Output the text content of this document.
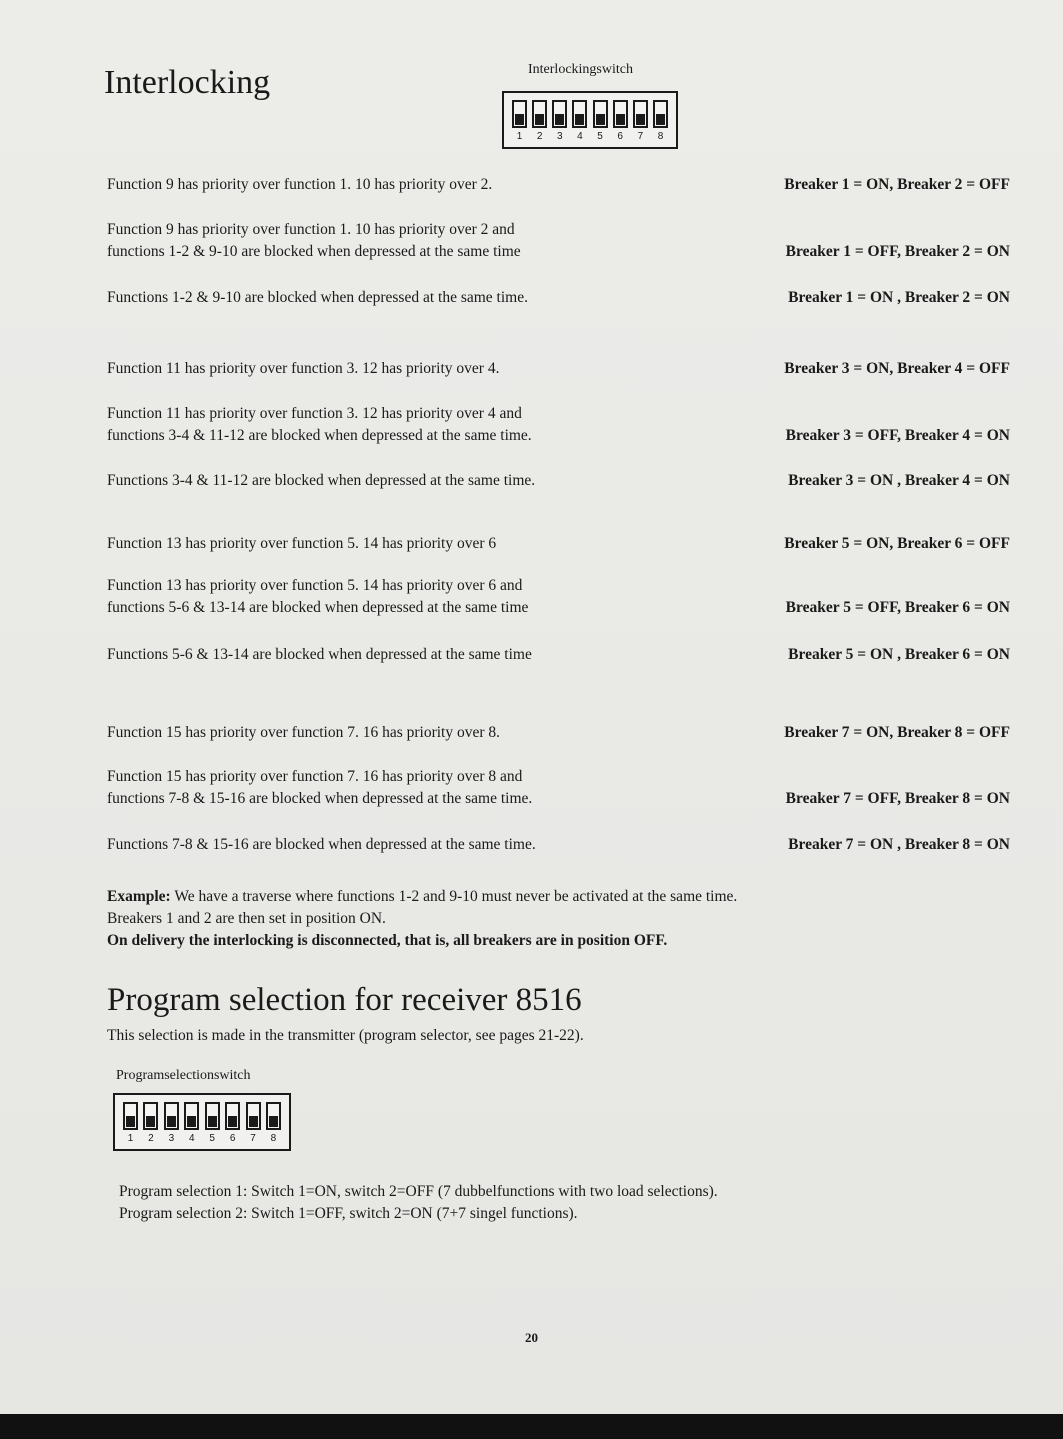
Interlocking	Interlockingswitch
1	2	3	4	5	6	7	8
Function 9 has priority over function 1. 10 has priority over 2.	Breaker 1 = ON, Breaker 2 = OFF
Function 9 has priority over function 1. 10 has priority over 2 and
functions 1-2 & 9-10 are blocked when depressed at the same time	Breaker 1 = OFF, Breaker 2 = ON
Functions 1-2 & 9-10 are blocked when depressed at the same time.	Breaker 1 = ON , Breaker 2 = ON
Function 11 has priority over function 3. 12 has priority over 4.	Breaker 3 = ON, Breaker 4 = OFF
Function 11 has priority over function 3. 12 has priority over 4 and
functions 3-4 & 11-12 are blocked when depressed at the same time.	Breaker 3 = OFF, Breaker 4 = ON
Functions 3-4 & 11-12 are blocked when depressed at the same time.	Breaker 3 = ON , Breaker 4 = ON
Function 13 has priority over function 5. 14 has priority over 6	Breaker 5 = ON, Breaker 6 = OFF
Function 13 has priority over function 5. 14 has priority over 6 and
functions 5-6 & 13-14 are blocked when depressed at the same time	Breaker 5 = OFF, Breaker 6 = ON
Functions 5-6 & 13-14 are blocked when depressed at the same time	Breaker 5 = ON , Breaker 6 = ON
Function 15 has priority over function 7. 16 has priority over 8.	Breaker 7 = ON, Breaker 8 = OFF
Function 15 has priority over function 7. 16 has priority over 8 and
functions 7-8 & 15-16 are blocked when depressed at the same time.	Breaker 7 = OFF, Breaker 8 = ON
Functions 7-8 & 15-16 are blocked when depressed at the same time.	Breaker 7 = ON , Breaker 8 = ON
Example: We have a traverse where functions 1-2 and 9-10 must never be activated at the same time.
Breakers 1 and 2 are then set in position ON.
On delivery the interlocking is disconnected, that is, all breakers are in position OFF.
Program selection for receiver 8516
This selection is made in the transmitter (program selector, see pages 21-22).
Programselectionswitch
1	2	3	4	5	6	7	8
Program selection 1: Switch 1=ON, switch 2=OFF (7 dubbelfunctions with two load selections).
Program selection 2: Switch 1=OFF, switch 2=ON (7+7 singel functions).
20
